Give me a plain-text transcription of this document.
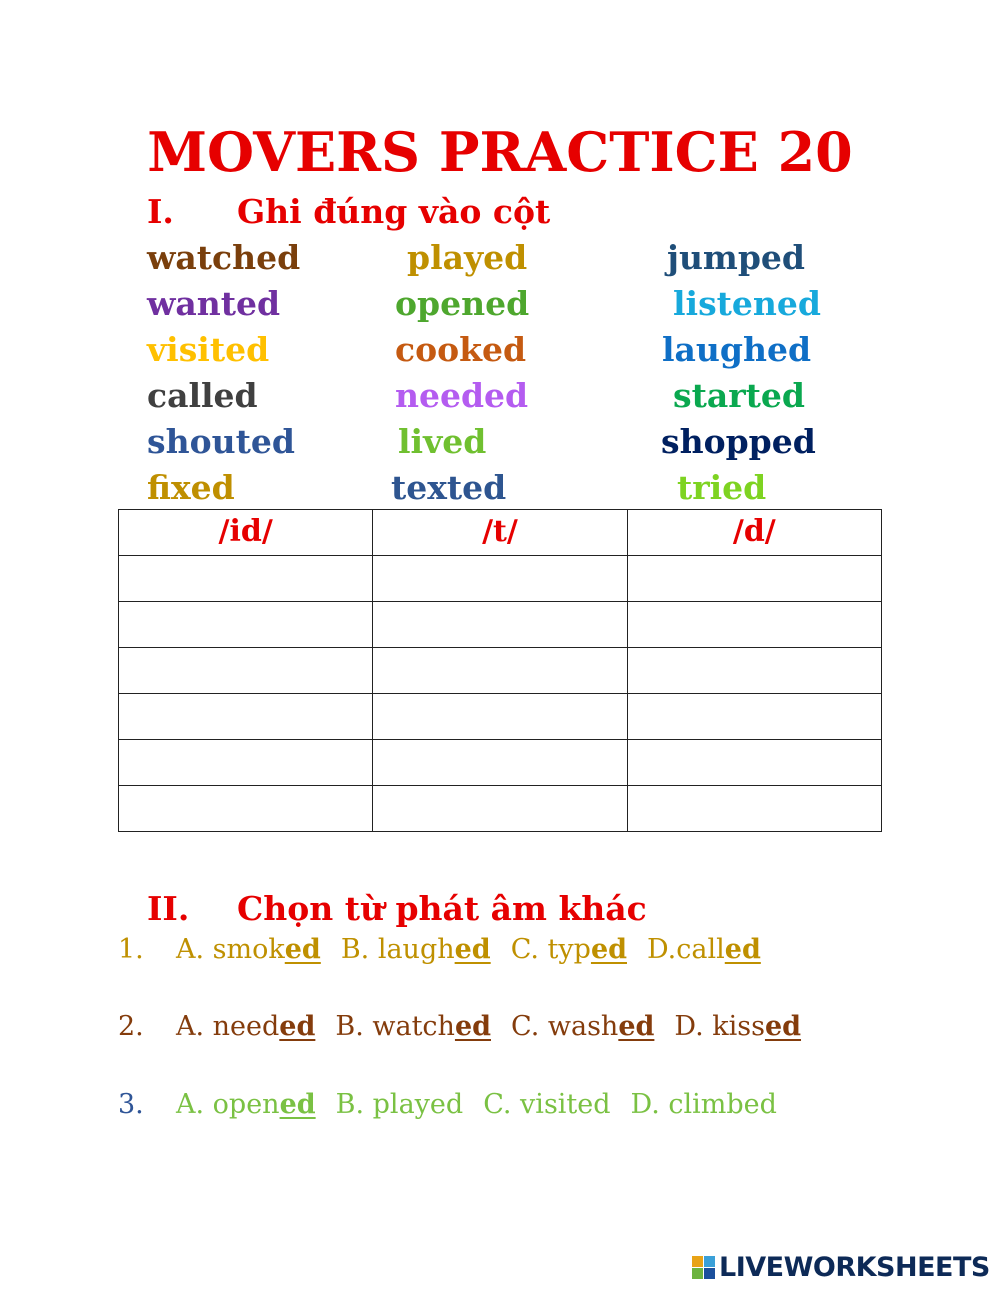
MOVERS PRACTICE 20
I. Ghi đúng vào cột

watched	played	jumped

wanted	opened	listened

visited	cooked	laughed

called	needed	started

shouted	lived	shopped

fixed	texted	tried

/id/	/t/	/d/

II. Chọn từ phát âm khác

1. A. smoked B. laughed C. typed D.called

2. A. needed B. watched C. washed D. kissed

3. A. opened B. played C. visited D. climbed

LIVEWORKSHEETS
